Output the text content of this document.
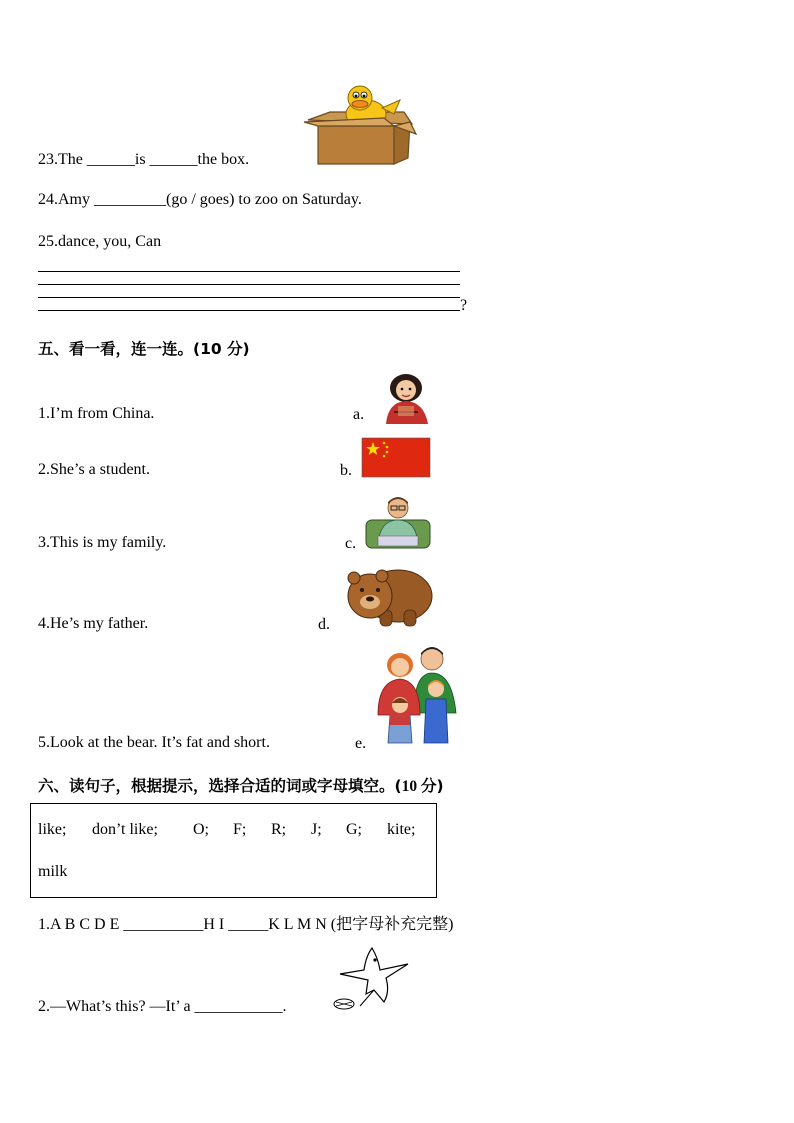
23.The ______is ______the box.
24.Amy _________(go / goes) to zoo on Saturday.
25.dance, you, Can
?
五、看一看，连一连。(10 分)
1.I’m from China.	a.
2.She’s a student.	b.
3.This is my family.	c.
4.He’s my father.	d.
5.Look at the bear. It’s fat and short.	e.
六、读句子，根据提示，选择合适的词或字母填空。(10 分)
like; don’t like; O; F; R; J; G; kite;
milk
1.A B C D E __________H I _____K L M N (把字母补充完整)
2.—What’s this? —It’ a ___________.
